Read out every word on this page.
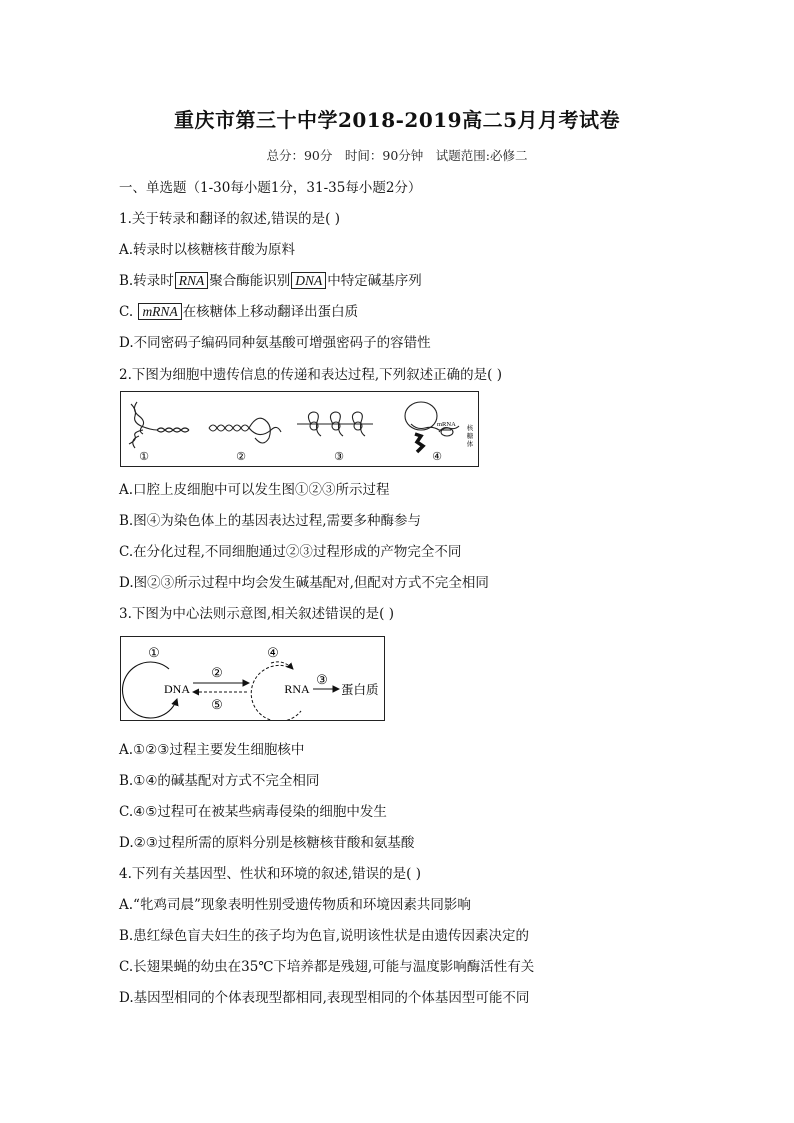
重庆市第三十中学2018-2019高二5月月考试卷
总分：90分　时间：90分钟　试题范围:必修二
一、单选题（1-30每小题1分，31-35每小题2分）
1.关于转录和翻译的叙述,错误的是( )
A.转录时以核糖核苷酸为原料
B.转录时 RNA 聚合酶能识别 DNA 中特定碱基序列
C. mRNA 在核糖体上移动翻译出蛋白质
D.不同密码子编码同种氨基酸可增强密码子的容错性
2.下图为细胞中遗传信息的传递和表达过程,下列叙述正确的是( )
①	②	③
mRNA
核
糖
体
④
A.口腔上皮细胞中可以发生图①②③所示过程
B.图④为染色体上的基因表达过程,需要多种酶参与
C.在分化过程,不同细胞通过②③过程形成的产物完全不同
D.图②③所示过程中均会发生碱基配对,但配对方式不完全相同
3.下图为中心法则示意图,相关叙述错误的是( )
①
DNA
②
⑤
④
RNA
③
蛋白质
A.①②③过程主要发生细胞核中
B.①④的碱基配对方式不完全相同
C.④⑤过程可在被某些病毒侵染的细胞中发生
D.②③过程所需的原料分别是核糖核苷酸和氨基酸
4.下列有关基因型、性状和环境的叙述,错误的是( )
A.“牝鸡司晨”现象表明性别受遗传物质和环境因素共同影响
B.患红绿色盲夫妇生的孩子均为色盲,说明该性状是由遗传因素决定的
C.长翅果蝇的幼虫在35℃下培养都是残翅,可能与温度影响酶活性有关
D.基因型相同的个体表现型都相同,表现型相同的个体基因型可能不同
